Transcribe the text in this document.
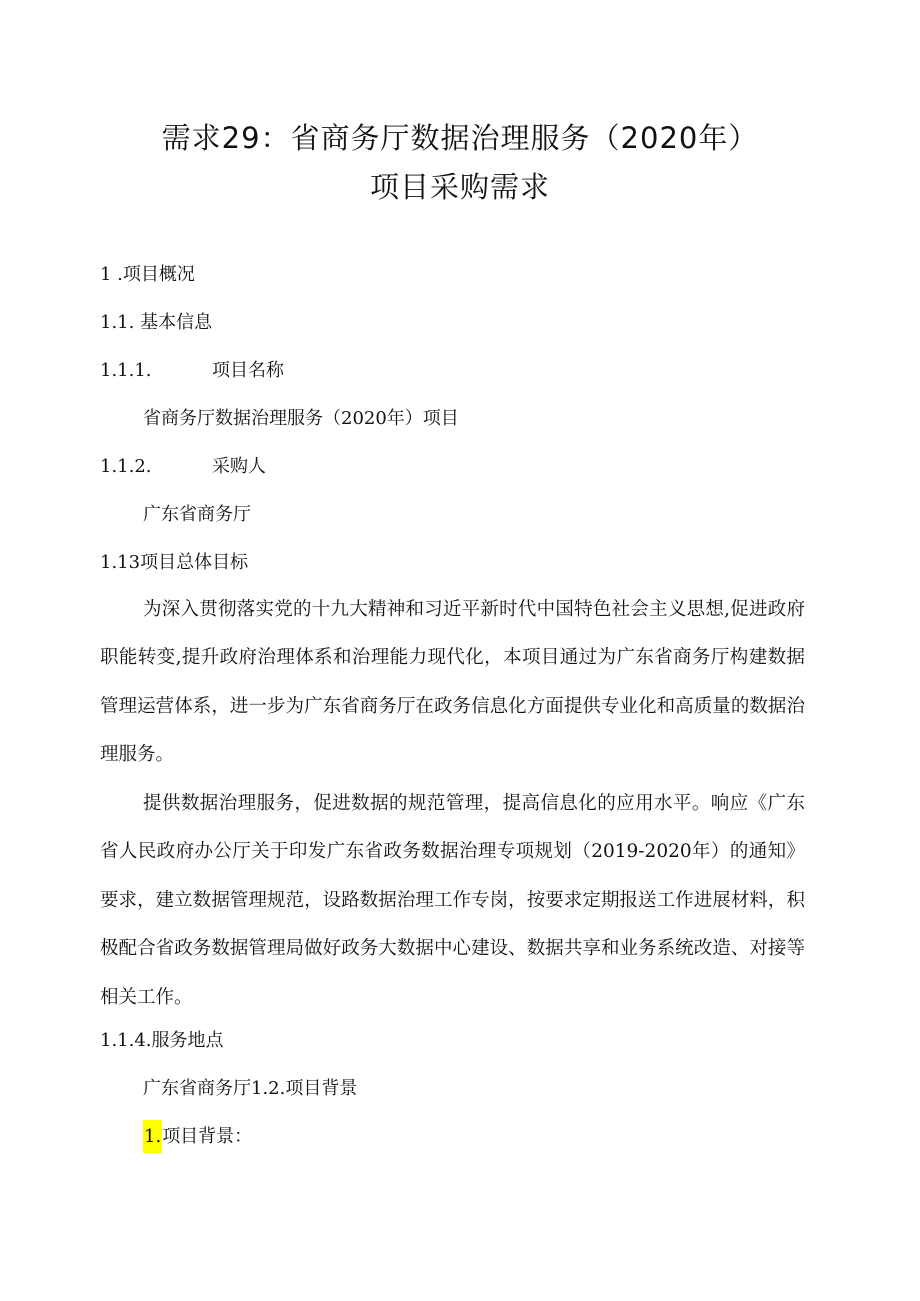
需求29：省商务厅数据治理服务（2020年）
项目采购需求
1 .项目概况
1.1. 基本信息
1.1.1.	项目名称
省商务厅数据治理服务（2020年）项目
1.1.2.	采购人
广东省商务厅
1.13项目总体目标

为深入贯彻落实党的十九大精神和习近平新时代中国特色社会主义思想,促进政府职能转变,提升政府治理体系和治理能力现代化，本项目通过为广东省商务厅构建数据管理运营体系，进一步为广东省商务厅在政务信息化方面提供专业化和高质量的数据治理服务。

提供数据治理服务，促进数据的规范管理，提高信息化的应用水平。响应《广东省人民政府办公厅关于印发广东省政务数据治理专项规划（2019-2020年）的通知》要求，建立数据管理规范，设路数据治理工作专岗，按要求定期报送工作进展材料，积极配合省政务数据管理局做好政务大数据中心建设、数据共享和业务系统改造、对接等相关工作。

1.1.4.服务地点
广东省商务厅1.2.项目背景
1.项目背景：
